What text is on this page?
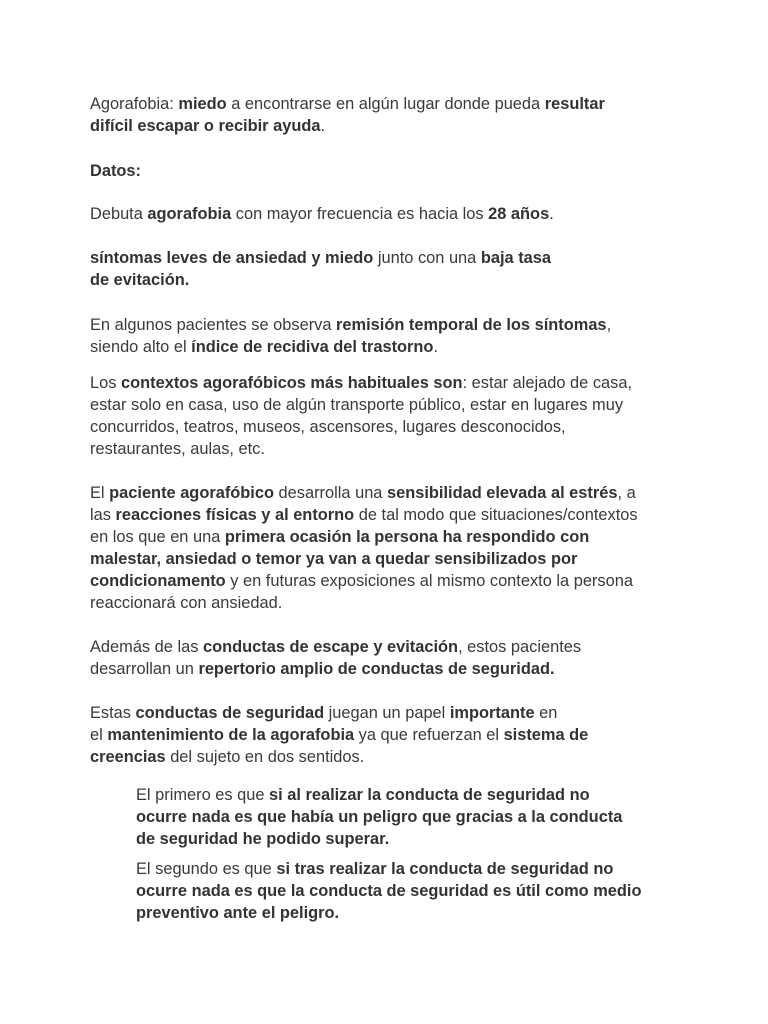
Agorafobia: miedo a encontrarse en algún lugar donde pueda resultar
difícil escapar o recibir ayuda.

Datos:

Debuta agorafobia con mayor frecuencia es hacia los 28 años.

síntomas leves de ansiedad y miedo junto con una baja tasa
de evitación.

En algunos pacientes se observa remisión temporal de los síntomas,
siendo alto el índice de recidiva del trastorno.

Los contextos agorafóbicos más habituales son: estar alejado de casa,
estar solo en casa, uso de algún transporte público, estar en lugares muy
concurridos, teatros, museos, ascensores, lugares desconocidos,
restaurantes, aulas, etc.

El paciente agorafóbico desarrolla una sensibilidad elevada al estrés, a
las reacciones físicas y al entorno de tal modo que situaciones/contextos
en los que en una primera ocasión la persona ha respondido con
malestar, ansiedad o temor ya van a quedar sensibilizados por
condicionamento y en futuras exposiciones al mismo contexto la persona
reaccionará con ansiedad.

Además de las conductas de escape y evitación, estos pacientes
desarrollan un repertorio amplio de conductas de seguridad.

Estas conductas de seguridad juegan un papel importante en
el mantenimiento de la agorafobia ya que refuerzan el sistema de
creencias del sujeto en dos sentidos.

El primero es que si al realizar la conducta de seguridad no
ocurre nada es que había un peligro que gracias a la conducta
de seguridad he podido superar.

El segundo es que si tras realizar la conducta de seguridad no
ocurre nada es que la conducta de seguridad es útil como medio
preventivo ante el peligro.
